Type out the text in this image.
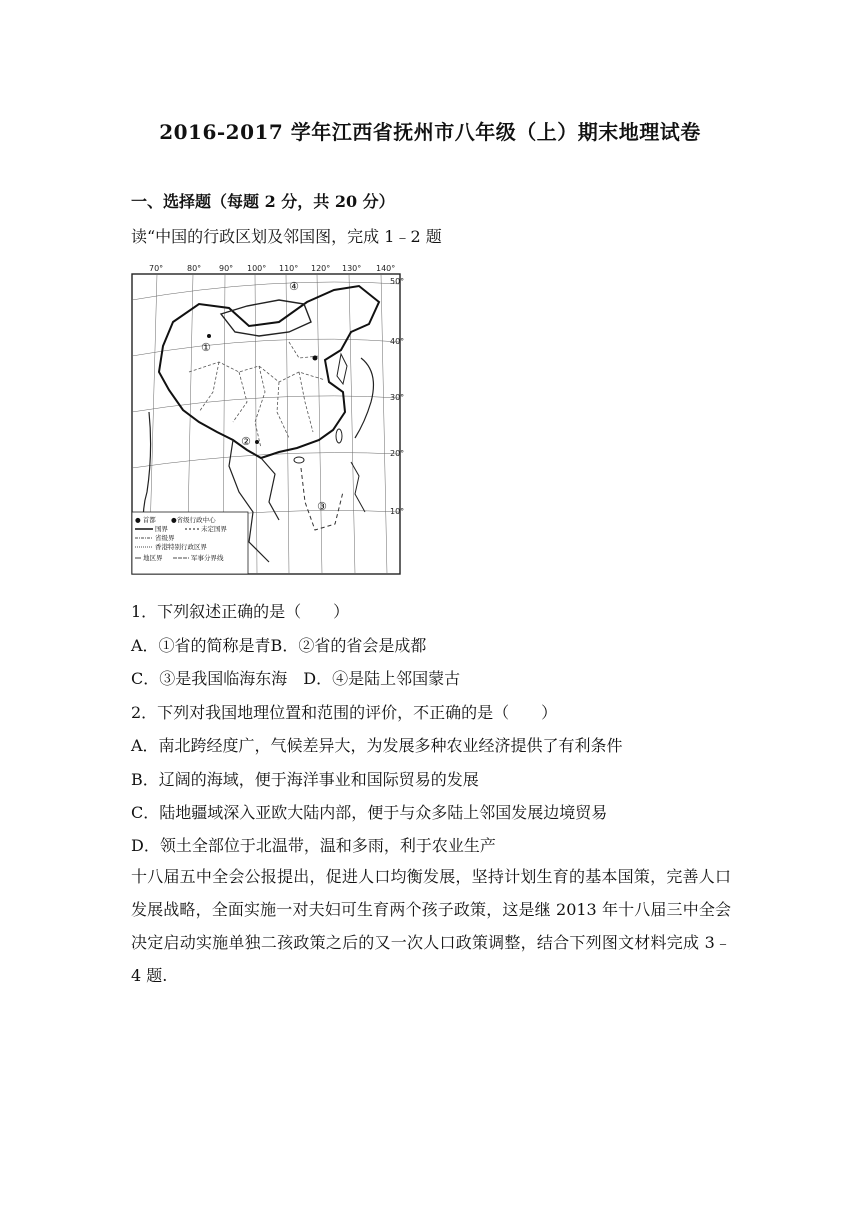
2016-2017 学年江西省抚州市八年级（上）期末地理试卷
一、选择题（每题 2 分，共 20 分）
读“中国的行政区划及邻国图，完成 1﹣2 题
70°	80° 90° 100° 110° 120° 130° 140°
50°
40°
30°
20°
10°
①
②
③
④
● 首都 ●省级行政中心
国界	未定国界
省级界
香港特别行政区界
地区界	军事分界线
1．下列叙述正确的是（　　）
A．①省的简称是青B．②省的省会是成都
C．③是我国临海东海　D．④是陆上邻国蒙古
2．下列对我国地理位置和范围的评价，不正确的是（　　）
A．南北跨经度广，气候差异大，为发展多种农业经济提供了有利条件
B．辽阔的海域，便于海洋事业和国际贸易的发展
C．陆地疆域深入亚欧大陆内部，便于与众多陆上邻国发展边境贸易
D．领土全部位于北温带，温和多雨，利于农业生产
十八届五中全会公报提出，促进人口均衡发展，坚持计划生育的基本国策，完善人口发展战略，全面实施一对夫妇可生育两个孩子政策，这是继 2013 年十八届三中全会决定启动实施单独二孩政策之后的又一次人口政策调整，结合下列图文材料完成 3﹣4 题.
